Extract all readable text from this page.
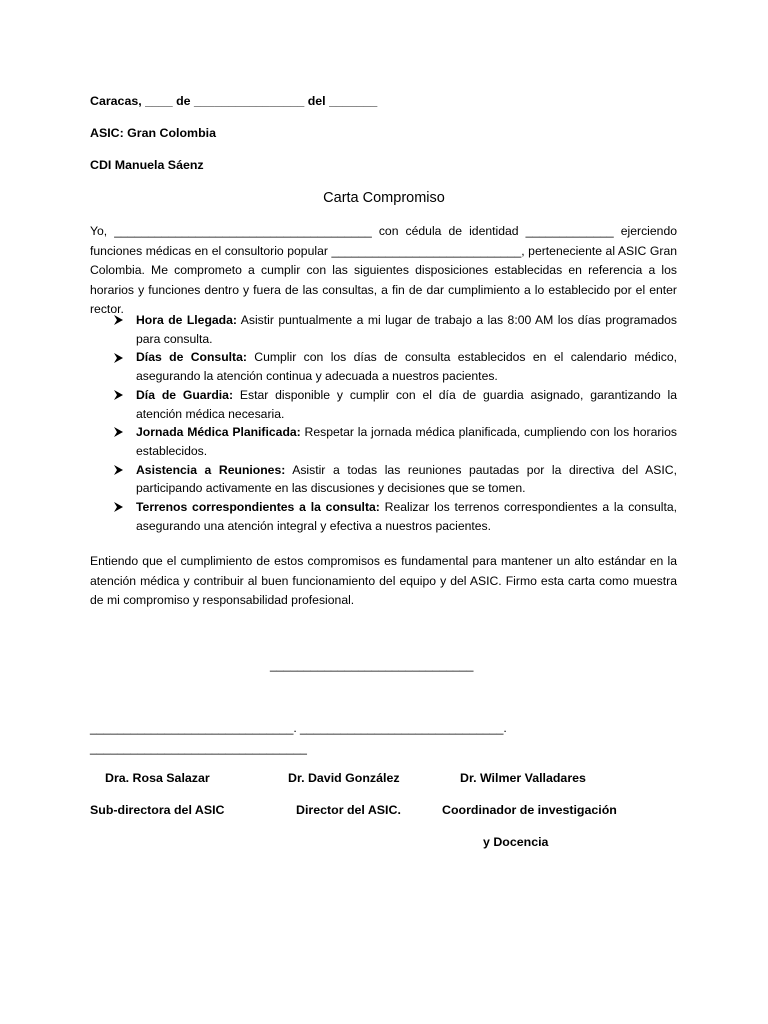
Caracas, ____ de ________________ del _______
ASIC: Gran Colombia
CDI Manuela Sáenz
Carta Compromiso

Yo, ______________________________________ con cédula de identidad _____________ ejerciendo funciones médicas en el consultorio popular ____________________________, perteneciente al ASIC Gran Colombia. Me comprometo a cumplir con las siguientes disposiciones establecidas en referencia a los horarios y funciones dentro y fuera de las consultas, a fin de dar cumplimiento a lo establecido por el enter rector.

Hora de Llegada: Asistir puntualmente a mi lugar de trabajo a las 8:00 AM los días programados para consulta.
Días de Consulta: Cumplir con los días de consulta establecidos en el calendario médico, asegurando la atención continua y adecuada a nuestros pacientes.
Día de Guardia: Estar disponible y cumplir con el día de guardia asignado, garantizando la atención médica necesaria.
Jornada Médica Planificada: Respetar la jornada médica planificada, cumpliendo con los horarios establecidos.
Asistencia a Reuniones: Asistir a todas las reuniones pautadas por la directiva del ASIC, participando activamente en las discusiones y decisiones que se tomen.
Terrenos correspondientes a la consulta: Realizar los terrenos correspondientes a la consulta, asegurando una atención integral y efectiva a nuestros pacientes.

Entiendo que el cumplimiento de estos compromisos es fundamental para mantener un alto estándar en la atención médica y contribuir al buen funcionamiento del equipo y del ASIC. Firmo esta carta como muestra de mi compromiso y responsabilidad profesional.

______________________________
______________________________. ______________________________.
________________________________
Dra. Rosa Salazar	Dr. David González	Dr. Wilmer Valladares
Sub-directora del ASIC	Director del ASIC.	Coordinador de investigación
y Docencia
